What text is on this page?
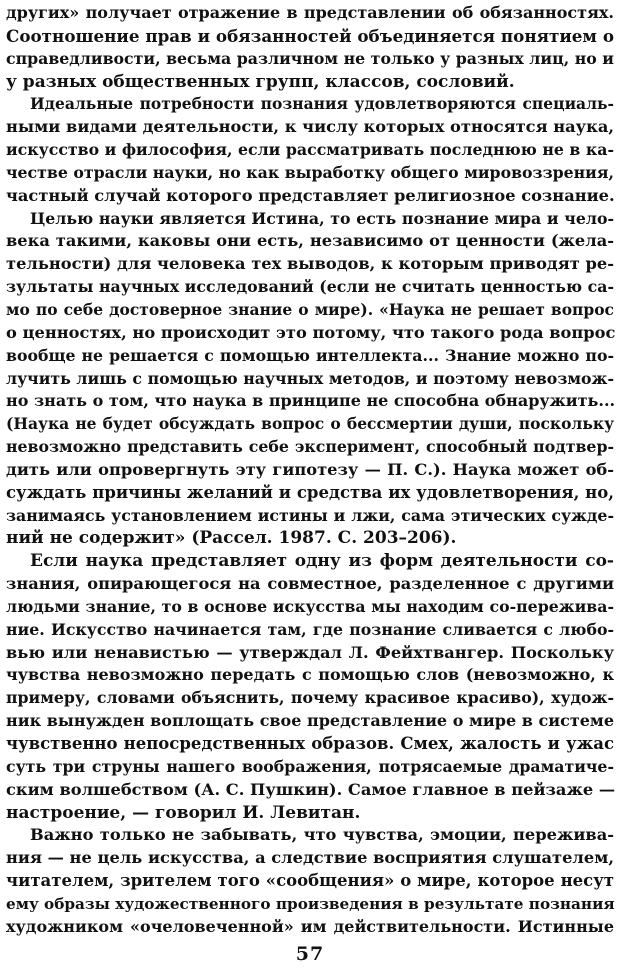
других» получает отражение в представлении об обязанностях.
Соотношение прав и обязанностей объединяется понятием о
справедливости, весьма различном не только у разных лиц, но и
у разных общественных групп, классов, сословий.
Идеальные потребности познания удовлетворяются специаль-
ными видами деятельности, к числу которых относятся наука,
искусство и философия, если рассматривать последнюю не в ка-
честве отрасли науки, но как выработку общего мировоззрения,
частный случай которого представляет религиозное сознание.
Целью науки является Истина, то есть познание мира и чело-
века такими, каковы они есть, независимо от ценности (жела-
тельности) для человека тех выводов, к которым приводят ре-
зультаты научных исследований (если не считать ценностью са-
мо по себе достоверное знание о мире). «Наука не решает вопрос
о ценностях, но происходит это потому, что такого рода вопрос
вообще не решается с помощью интеллекта... Знание можно по-
лучить лишь с помощью научных методов, и поэтому невозмож-
но знать о том, что наука в принципе не способна обнаружить...
(Наука не будет обсуждать вопрос о бессмертии души, поскольку
невозможно представить себе эксперимент, способный подтвер-
дить или опровергнуть эту гипотезу — П. С.). Наука может об-
суждать причины желаний и средства их удовлетворения, но,
занимаясь установлением истины и лжи, сама этических сужде-
ний не содержит» (Рассел. 1987. С. 203–206).
Если наука представляет одну из форм деятельности со-
знания, опирающегося на совместное, разделенное с другими
людьми знание, то в основе искусства мы находим со-пережива-
ние. Искусство начинается там, где познание сливается с любо-
вью или ненавистью — утверждал Л. Фейхтвангер. Поскольку
чувства невозможно передать с помощью слов (невозможно, к
примеру, словами объяснить, почему красивое красиво), худож-
ник вынужден воплощать свое представление о мире в системе
чувственно непосредственных образов. Смех, жалость и ужас
суть три струны нашего воображения, потрясаемые драматиче-
ским волшебством (А. С. Пушкин). Самое главное в пейзаже —
настроение, — говорил И. Левитан.
Важно только не забывать, что чувства, эмоции, пережива-
ния — не цель искусства, а следствие восприятия слушателем,
читателем, зрителем того «сообщения» о мире, которое несут
ему образы художественного произведения в результате познания
художником «очеловеченной» им действительности. Истинные
57
